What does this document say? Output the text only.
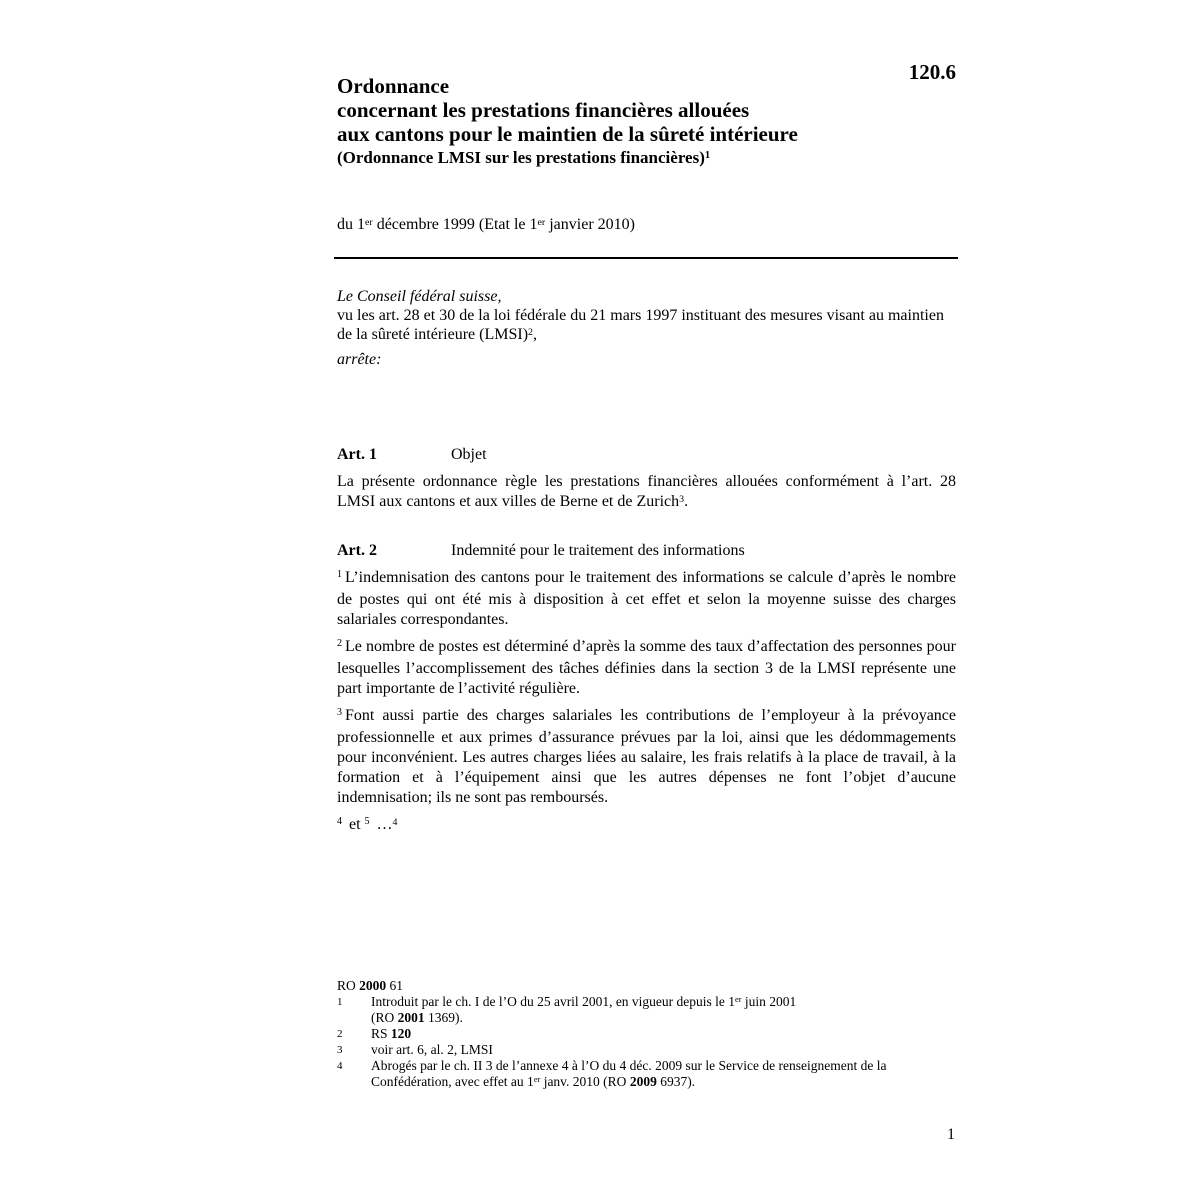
120.6
Ordonnance
concernant les prestations financières allouées
aux cantons pour le maintien de la sûreté intérieure
(Ordonnance LMSI sur les prestations financières)$^1$
du 1er décembre 1999 (Etat le 1er janvier 2010)
Le Conseil fédéral suisse,
vu les art. 28 et 30 de la loi fédérale du 21 mars 1997 instituant des mesures visant au maintien de la sûreté intérieure (LMSI)$^2$,
arrête:
Art. 1	Objet
La présente ordonnance règle les prestations financières allouées conformément à l’art. 28 LMSI aux cantons et aux villes de Berne et de Zurich$^3$.
Art. 2	Indemnité pour le traitement des informations
$^1$ L’indemnisation des cantons pour le traitement des informations se calcule d’après le nombre de postes qui ont été mis à disposition à cet effet et selon la moyenne suisse des charges salariales correspondantes.
$^2$ Le nombre de postes est déterminé d’après la somme des taux d’affectation des personnes pour lesquelles l’accomplissement des tâches définies dans la section 3 de la LMSI représente une part importante de l’activité régulière.
$^3$ Font aussi partie des charges salariales les contributions de l’employeur à la prévoyance professionnelle et aux primes d’assurance prévues par la loi, ainsi que les dédommagements pour inconvénient. Les autres charges liées au salaire, les frais relatifs à la place de travail, à la formation et à l’équipement ainsi que les autres dépenses ne font l’objet d’aucune indemnisation; ils ne sont pas remboursés.
$^4$ et $^5$ …$^4$
RO 2000 61
1	Introduit par le ch. I de l’O du 25 avril 2001, en vigueur depuis le 1er juin 2001
(RO 2001 1369).
2	RS 120
3	voir art. 6, al. 2, LMSI
4	Abrogés par le ch. II 3 de l’annexe 4 à l’O du 4 déc. 2009 sur le Service de renseignement de la Confédération, avec effet au 1er janv. 2010 (RO 2009 6937).
1
